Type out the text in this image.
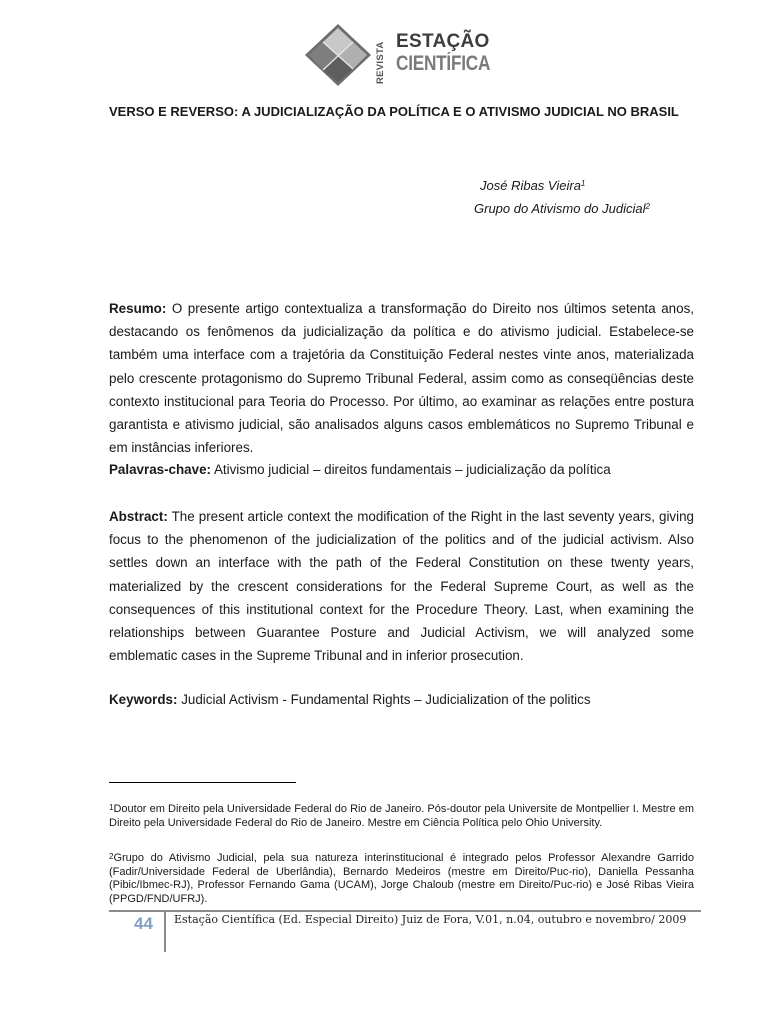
REVISTA ESTAÇÃO
CIENTÍFICA
VERSO E REVERSO: A JUDICIALIZAÇÃO DA POLÍTICA E O ATIVISMO JUDICIAL NO BRASIL
José Ribas Vieira$^1$
Grupo do Ativismo do Judicial$^2$

Resumo: O presente artigo contextualiza a transformação do Direito nos últimos setenta anos, destacando os fenômenos da judicialização da política e do ativismo judicial. Estabelece-se também uma interface com a trajetória da Constituição Federal nestes vinte anos, materializada pelo crescente protagonismo do Supremo Tribunal Federal, assim como as conseqüências deste contexto institucional para Teoria do Processo. Por último, ao examinar as relações entre postura garantista e ativismo judicial, são analisados alguns casos emblemáticos no Supremo Tribunal e em instâncias inferiores.

Palavras-chave: Ativismo judicial – direitos fundamentais – judicialização da política

Abstract: The present article context the modification of the Right in the last seventy years, giving focus to the phenomenon of the judicialization of the politics and of the judicial activism. Also settles down an interface with the path of the Federal Constitution on these twenty years, materialized by the crescent considerations for the Federal Supreme Court, as well as the consequences of this institutional context for the Procedure Theory. Last, when examining the relationships between Guarantee Posture and Judicial Activism, we will analyzed some emblematic cases in the Supreme Tribunal and in inferior prosecution.

Keywords: Judicial Activism - Fundamental Rights – Judicialization of the politics

$^1$Doutor em Direito pela Universidade Federal do Rio de Janeiro. Pós-doutor pela Universite de Montpellier I. Mestre em Direito pela Universidade Federal do Rio de Janeiro. Mestre em Ciência Política pelo Ohio University.

$^2$Grupo do Ativismo Judicial, pela sua natureza interinstitucional é integrado pelos Professor Alexandre Garrido (Fadir/Universidade Federal de Uberlândia), Bernardo Medeiros (mestre em Direito/Puc-rio), Daniella Pessanha (Pibic/Ibmec-RJ), Professor Fernando Gama (UCAM), Jorge Chaloub (mestre em Direito/Puc-rio) e José Ribas Vieira (PPGD/FND/UFRJ).

44 Estação Científica (Ed. Especial Direito) Juiz de Fora, V.01, n.04, outubro e novembro/ 2009
